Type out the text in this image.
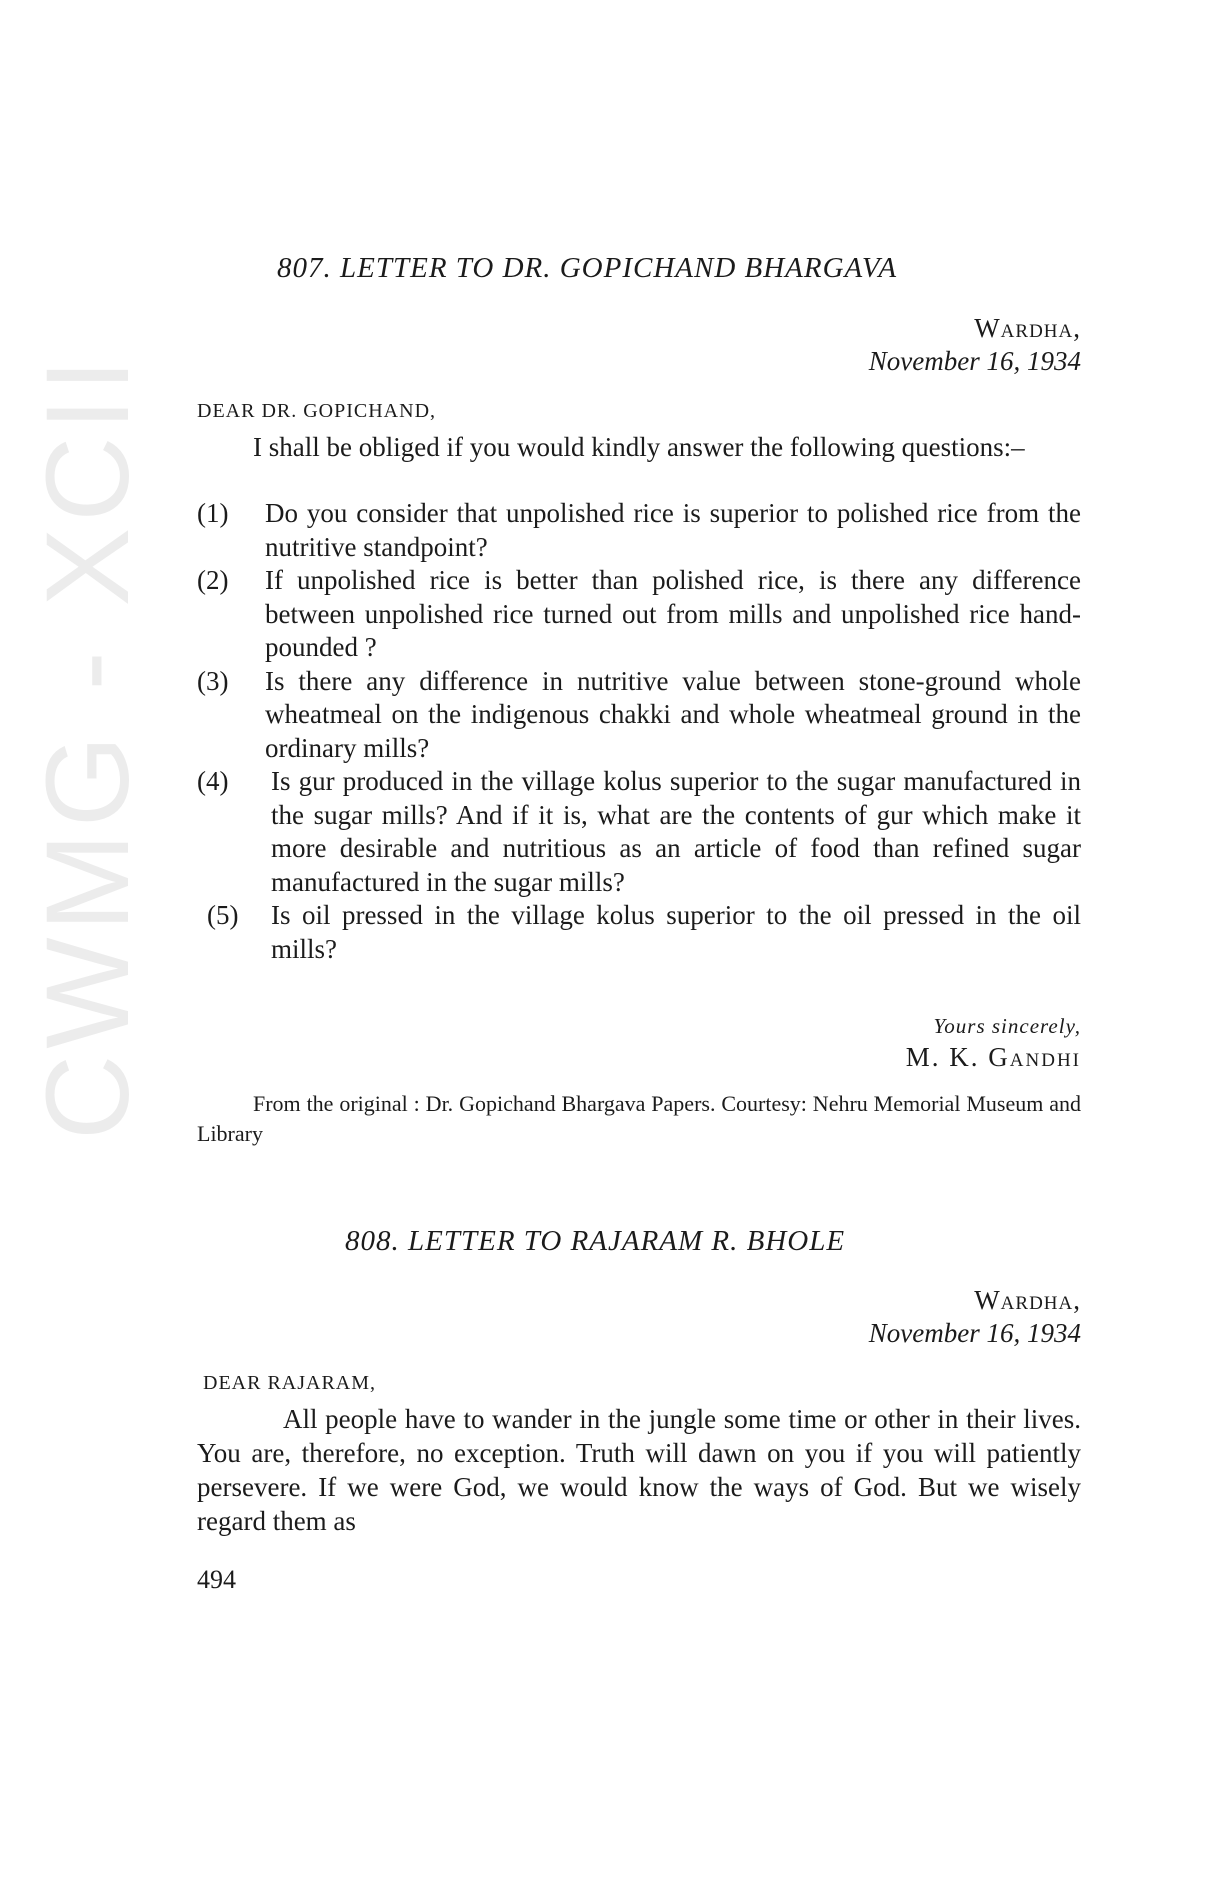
CWMG - XCII
807. LETTER TO DR. GOPICHAND BHARGAVA
Wardha,
November 16, 1934
DEAR DR. GOPICHAND,

I shall be obliged if you would kindly answer the following questions:–

(1) Do you consider that unpolished rice is superior to polished rice from the nutritive standpoint?
(2) If unpolished rice is better than polished rice, is there any difference between unpolished rice turned out from mills and unpolished rice hand-pounded ?
(3) Is there any difference in nutritive value between stone-ground whole wheatmeal on the indigenous chakki and whole wheatmeal ground in the ordinary mills?
(4) Is gur produced in the village kolus superior to the sugar manufactured in the sugar mills? And if it is, what are the contents of gur which make it more desirable and nutritious as an article of food than refined sugar manufactured in the sugar mills?
(5) Is oil pressed in the village kolus superior to the oil pressed in the oil mills?
Yours sincerely,
M. K. Gandhi

From the original : Dr. Gopichand Bhargava Papers. Courtesy: Nehru Memorial Museum and Library

808. LETTER TO RAJARAM R. BHOLE
Wardha,
November 16, 1934
DEAR RAJARAM,

All people have to wander in the jungle some time or other in their lives. You are, therefore, no exception. Truth will dawn on you if you will patiently persevere. If we were God, we would know the ways of God. But we wisely regard them as

494
